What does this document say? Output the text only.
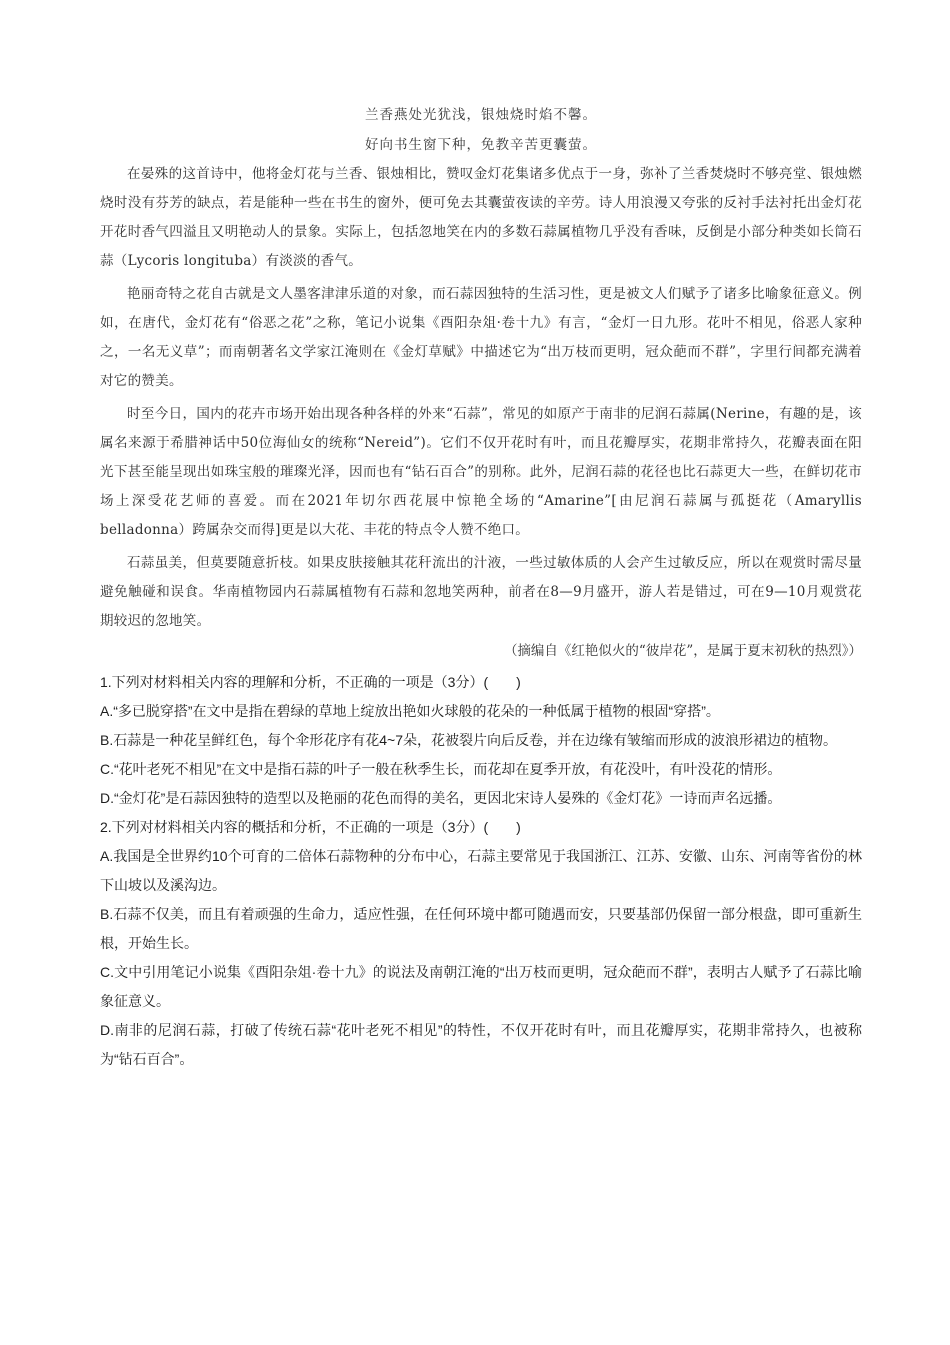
兰香燕处光犹浅，银烛烧时焰不馨。
好向书生窗下种，免教辛苦更囊萤。

在晏殊的这首诗中，他将金灯花与兰香、银烛相比，赞叹金灯花集诸多优点于一身，弥补了兰香焚烧时不够亮堂、银烛燃烧时没有芬芳的缺点，若是能种一些在书生的窗外，便可免去其囊萤夜读的辛劳。诗人用浪漫又夸张的反衬手法衬托出金灯花开花时香气四溢且又明艳动人的景象。实际上，包括忽地笑在内的多数石蒜属植物几乎没有香味，反倒是小部分种类如长筒石蒜（Lycoris longituba）有淡淡的香气。

艳丽奇特之花自古就是文人墨客津津乐道的对象，而石蒜因独特的生活习性，更是被文人们赋予了诸多比喻象征意义。例如，在唐代，金灯花有“俗恶之花”之称，笔记小说集《酉阳杂俎·卷十九》有言，“金灯一日九形。花叶不相见，俗恶人家种之，一名无义草”；而南朝著名文学家江淹则在《金灯草赋》中描述它为“出万枝而更明，冠众葩而不群”，字里行间都充满着对它的赞美。

时至今日，国内的花卉市场开始出现各种各样的外来“石蒜”，常见的如原产于南非的尼润石蒜属(Nerine，有趣的是，该属名来源于希腊神话中50位海仙女的统称“Nereid”)。它们不仅开花时有叶，而且花瓣厚实，花期非常持久，花瓣表面在阳光下甚至能呈现出如珠宝般的璀璨光泽，因而也有“钻石百合”的别称。此外，尼润石蒜的花径也比石蒜更大一些，在鲜切花市场上深受花艺师的喜爱。而在2021年切尔西花展中惊艳全场的“Amarine”[由尼润石蒜属与孤挺花（Amaryllis belladonna）跨属杂交而得]更是以大花、丰花的特点令人赞不绝口。

石蒜虽美，但莫要随意折枝。如果皮肤接触其花秆流出的汁液，一些过敏体质的人会产生过敏反应，所以在观赏时需尽量避免触碰和误食。华南植物园内石蒜属植物有石蒜和忽地笑两种，前者在8—9月盛开，游人若是错过，可在9—10月观赏花期较迟的忽地笑。

（摘编自《红艳似火的“彼岸花”，是属于夏末初秋的热烈》）

1.下列对材料相关内容的理解和分析，不正确的一项是（3分）(　　)

A.“多已脱穿搭”在文中是指在碧绿的草地上绽放出艳如火球般的花朵的一种低属于植物的根固“穿搭”。

B.石蒜是一种花呈鲜红色，每个伞形花序有花4~7朵，花被裂片向后反卷，并在边缘有皱缩而形成的波浪形裙边的植物。

C.“花叶老死不相见”在文中是指石蒜的叶子一般在秋季生长，而花却在夏季开放，有花没叶，有叶没花的情形。

D.“金灯花”是石蒜因独特的造型以及艳丽的花色而得的美名，更因北宋诗人晏殊的《金灯花》一诗而声名远播。

2.下列对材料相关内容的概括和分析，不正确的一项是（3分）(　　)

A.我国是全世界约10个可育的二倍体石蒜物种的分布中心，石蒜主要常见于我国浙江、江苏、安徽、山东、河南等省份的林下山坡以及溪沟边。

B.石蒜不仅美，而且有着顽强的生命力，适应性强，在任何环境中都可随遇而安，只要基部仍保留一部分根盘，即可重新生根，开始生长。

C.文中引用笔记小说集《酉阳杂俎·卷十九》的说法及南朝江淹的“出万枝而更明，冠众葩而不群”，表明古人赋予了石蒜比喻象征意义。

D.南非的尼润石蒜，打破了传统石蒜“花叶老死不相见”的特性，不仅开花时有叶，而且花瓣厚实，花期非常持久，也被称为“钻石百合”。
